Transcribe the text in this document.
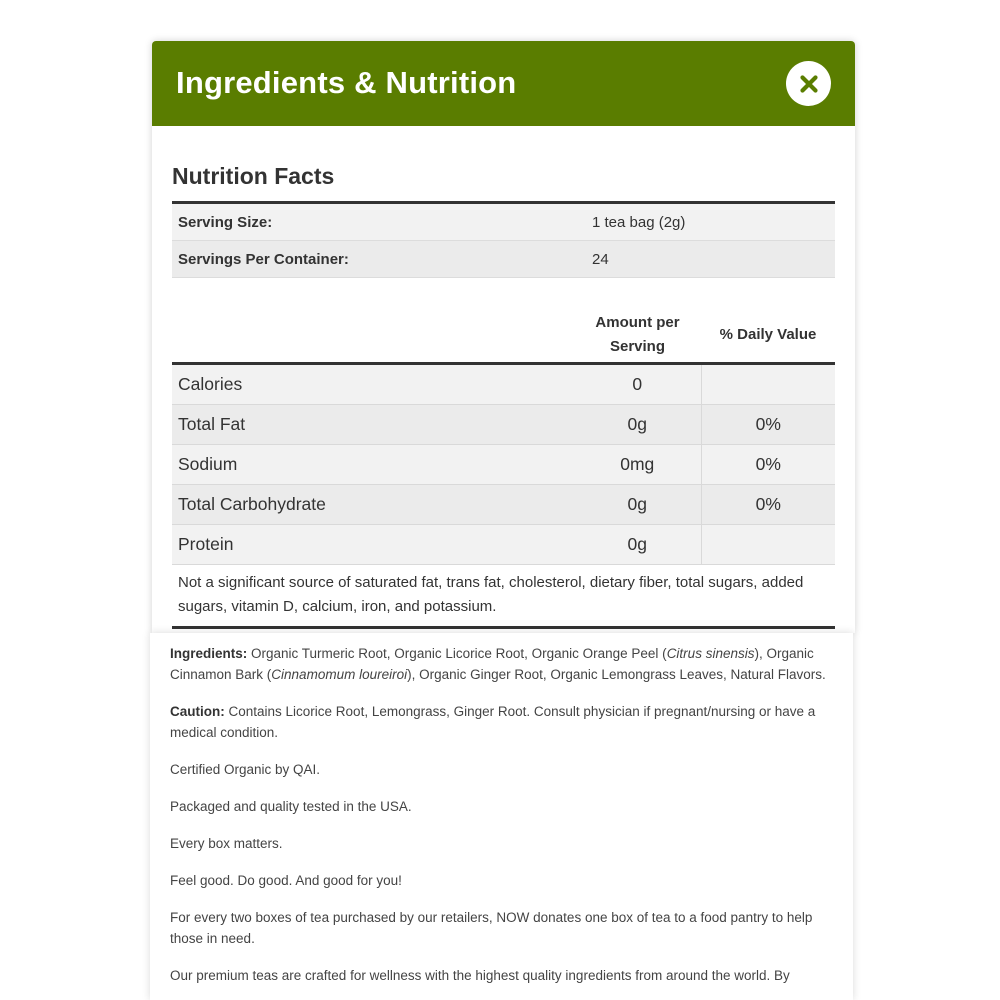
Ingredients & Nutrition
Nutrition Facts
Serving Size:	1 tea bag (2g)
Servings Per Container:	24
	Amount per Serving	% Daily Value
Calories	0	
Total Fat	0g	0%
Sodium	0mg	0%
Total Carbohydrate	0g	0%
Protein	0g	
Not a significant source of saturated fat, trans fat, cholesterol, dietary fiber, total sugars, added sugars, vitamin D, calcium, iron, and potassium.		

Ingredients: Organic Turmeric Root, Organic Licorice Root, Organic Orange Peel (Citrus sinensis), Organic Cinnamon Bark (Cinnamomum loureiroi), Organic Ginger Root, Organic Lemongrass Leaves, Natural Flavors.

Caution: Contains Licorice Root, Lemongrass, Ginger Root. Consult physician if pregnant/nursing or have a medical condition.

Certified Organic by QAI.

Packaged and quality tested in the USA.

Every box matters.

Feel good. Do good. And good for you!

For every two boxes of tea purchased by our retailers, NOW donates one box of tea to a food pantry to help those in need.

Our premium teas are crafted for wellness with the highest quality ingredients from around the world. By
